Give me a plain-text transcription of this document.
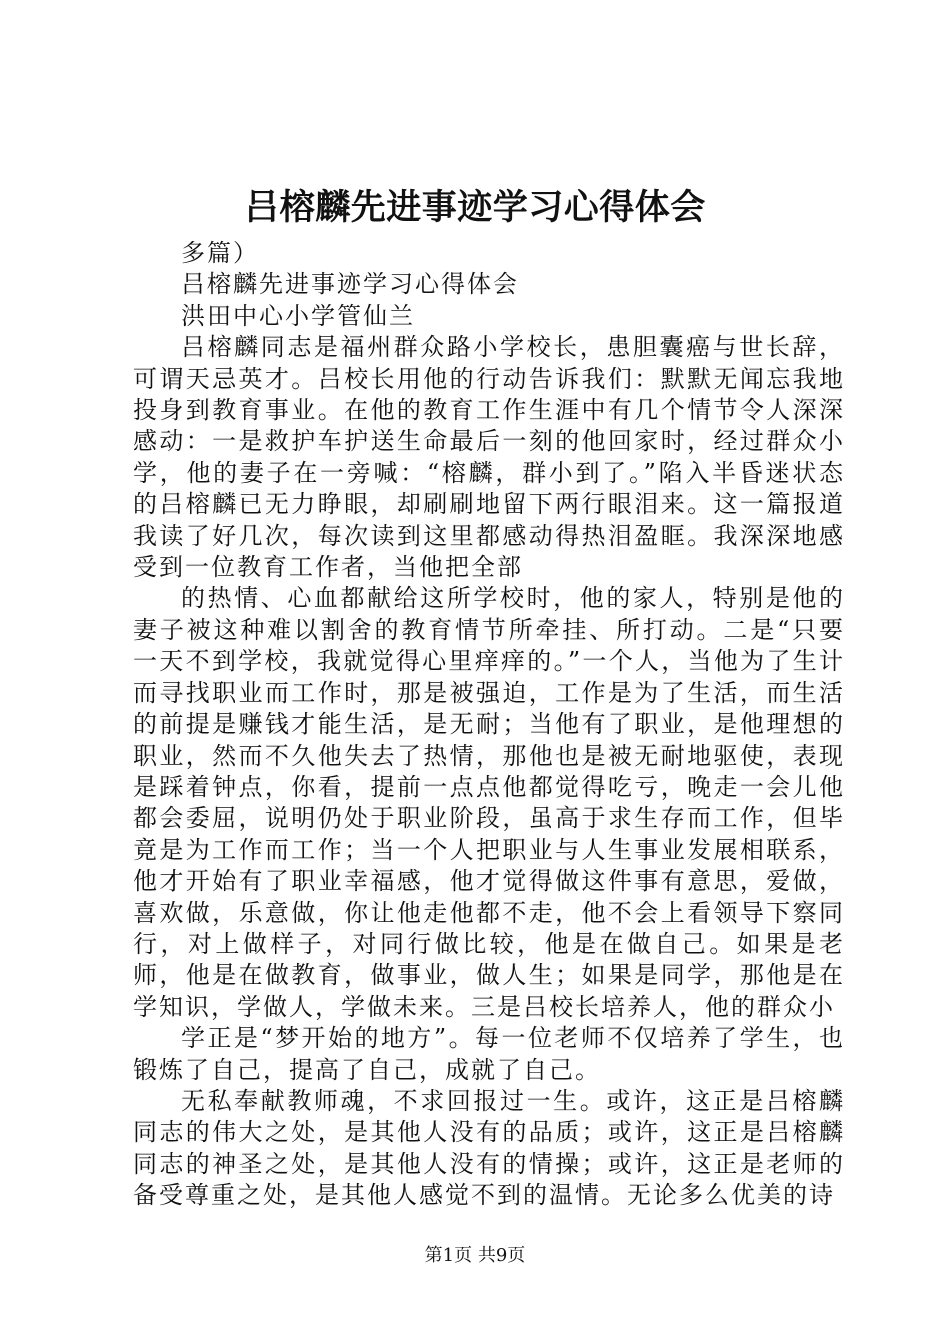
吕榕麟先进事迹学习心得体会

多篇）

吕榕麟先进事迹学习心得体会

洪田中心小学管仙兰

吕榕麟同志是福州群众路小学校长，患胆囊癌与世长辞，可谓天忌英才。吕校长用他的行动告诉我们：默默无闻忘我地投身到教育事业。在他的教育工作生涯中有几个情节令人深深感动：一是救护车护送生命最后一刻的他回家时，经过群众小学，他的妻子在一旁喊：“榕麟，群小到了。”陷入半昏迷状态的吕榕麟已无力睁眼，却刷刷地留下两行眼泪来。这一篇报道我读了好几次，每次读到这里都感动得热泪盈眶。我深深地感受到一位教育工作者，当他把全部

的热情、心血都献给这所学校时，他的家人，特别是他的妻子被这种难以割舍的教育情节所牵挂、所打动。二是“只要一天不到学校，我就觉得心里痒痒的。”一个人，当他为了生计而寻找职业而工作时，那是被强迫，工作是为了生活，而生活的前提是赚钱才能生活，是无耐；当他有了职业，是他理想的职业，然而不久他失去了热情，那他也是被无耐地驱使，表现是踩着钟点，你看，提前一点点他都觉得吃亏，晚走一会儿他都会委屈，说明仍处于职业阶段，虽高于求生存而工作，但毕竟是为工作而工作；当一个人把职业与人生事业发展相联系，他才开始有了职业幸福感，他才觉得做这件事有意思，爱做，喜欢做，乐意做，你让他走他都不走，他不会上看领导下察同行，对上做样子，对同行做比较，他是在做自己。如果是老师，他是在做教育，做事业，做人生；如果是同学，那他是在学知识，学做人，学做未来。三是吕校长培养人，他的群众小

学正是“梦开始的地方”。每一位老师不仅培养了学生，也锻炼了自己，提高了自己，成就了自己。

无私奉献教师魂，不求回报过一生。或许，这正是吕榕麟同志的伟大之处，是其他人没有的品质；或许，这正是吕榕麟同志的神圣之处，是其他人没有的情操；或许，这正是老师的备受尊重之处，是其他人感觉不到的温情。无论多么优美的诗

第1页 共9页
